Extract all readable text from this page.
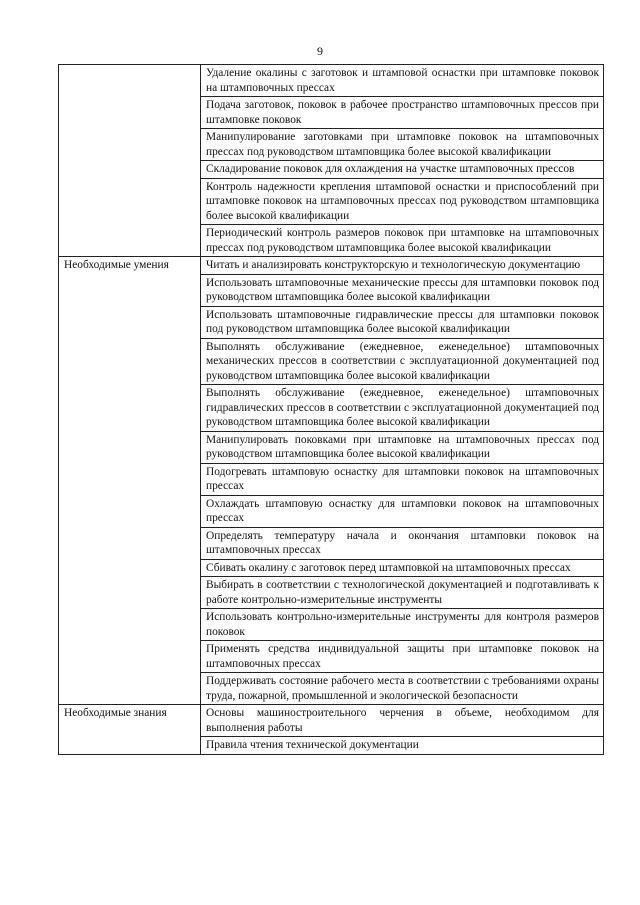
9
	Удаление окалины с заготовок и штамповой оснастки при штамповке поковок на штамповочных прессах
	Подача заготовок, поковок в рабочее пространство штамповочных прессов при штамповке поковок
	Манипулирование заготовками при штамповке поковок на штамповочных прессах под руководством штамповщика более высокой квалификации
	Складирование поковок для охлаждения на участке штамповочных прессов
	Контроль надежности крепления штамповой оснастки и приспособлений при штамповке поковок на штамповочных прессах под руководством штамповщика более высокой квалификации
	Периодический контроль размеров поковок при штамповке на штамповочных прессах под руководством штамповщика более высокой квалификации
Необходимые умения	Читать и анализировать конструкторскую и технологическую документацию
	Использовать штамповочные механические прессы для штамповки поковок под руководством штамповщика более высокой квалификации
	Использовать штамповочные гидравлические прессы для штамповки поковок под руководством штамповщика более высокой квалификации
	Выполнять обслуживание (ежедневное, еженедельное) штамповочных механических прессов в соответствии с эксплуатационной документацией под руководством штамповщика более высокой квалификации
	Выполнять обслуживание (ежедневное, еженедельное) штамповочных гидравлических прессов в соответствии с эксплуатационной документацией под руководством штамповщика более высокой квалификации
	Манипулировать поковками при штамповке на штамповочных прессах под руководством штамповщика более высокой квалификации
	Подогревать штамповую оснастку для штамповки поковок на штамповочных прессах
	Охлаждать штамповую оснастку для штамповки поковок на штамповочных прессах
	Определять температуру начала и окончания штамповки поковок на штамповочных прессах
	Сбивать окалину с заготовок перед штамповкой на штамповочных прессах
	Выбирать в соответствии с технологической документацией и подготавливать к работе контрольно-измерительные инструменты
	Использовать контрольно-измерительные инструменты для контроля размеров поковок
	Применять средства индивидуальной защиты при штамповке поковок на штамповочных прессах
	Поддерживать состояние рабочего места в соответствии с требованиями охраны труда, пожарной, промышленной и экологической безопасности
Необходимые знания	Основы машиностроительного черчения в объеме, необходимом для выполнения работы
	Правила чтения технической документации
